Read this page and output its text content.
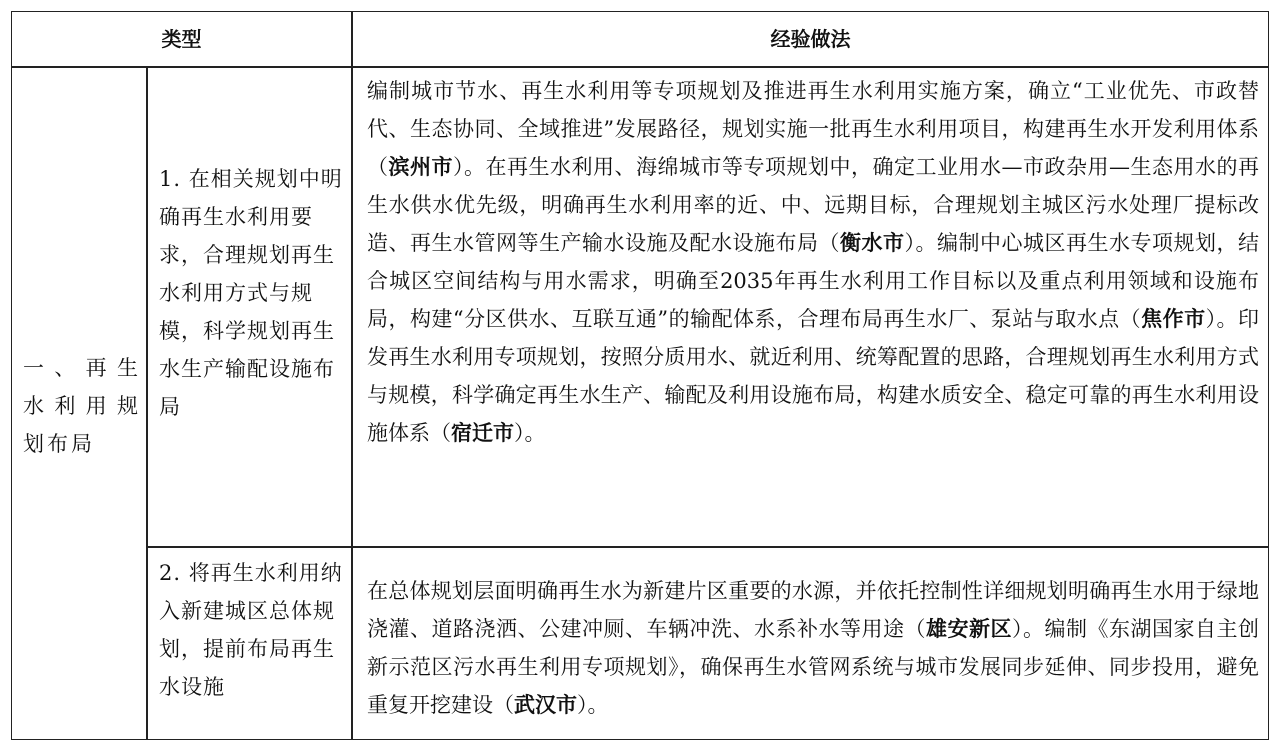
类型	经验做法
一、再生水利用规划布局
1. 在相关规划中明确再生水利用要求，合理规划再生水利用方式与规模，科学规划再生水生产输配设施布局
编制城市节水、再生水利用等专项规划及推进再生水利用实施方案，确立“工业优先、市政替代、生态协同、全域推进”发展路径，规划实施一批再生水利用项目，构建再生水开发利用体系（滨州市）。在再生水利用、海绵城市等专项规划中，确定工业用水—市政杂用—生态用水的再生水供水优先级，明确再生水利用率的近、中、远期目标，合理规划主城区污水处理厂提标改造、再生水管网等生产输水设施及配水设施布局（衡水市）。编制中心城区再生水专项规划，结合城区空间结构与用水需求，明确至2035年再生水利用工作目标以及重点利用领域和设施布局，构建“分区供水、互联互通”的输配体系，合理布局再生水厂、泵站与取水点（焦作市）。印发再生水利用专项规划，按照分质用水、就近利用、统筹配置的思路，合理规划再生水利用方式与规模，科学确定再生水生产、输配及利用设施布局，构建水质安全、稳定可靠的再生水利用设施体系（宿迁市）。
2. 将再生水利用纳入新建城区总体规划，提前布局再生水设施
在总体规划层面明确再生水为新建片区重要的水源，并依托控制性详细规划明确再生水用于绿地浇灌、道路浇洒、公建冲厕、车辆冲洗、水系补水等用途（雄安新区）。编制《东湖国家自主创新示范区污水再生利用专项规划》，确保再生水管网系统与城市发展同步延伸、同步投用，避免重复开挖建设（武汉市）。
